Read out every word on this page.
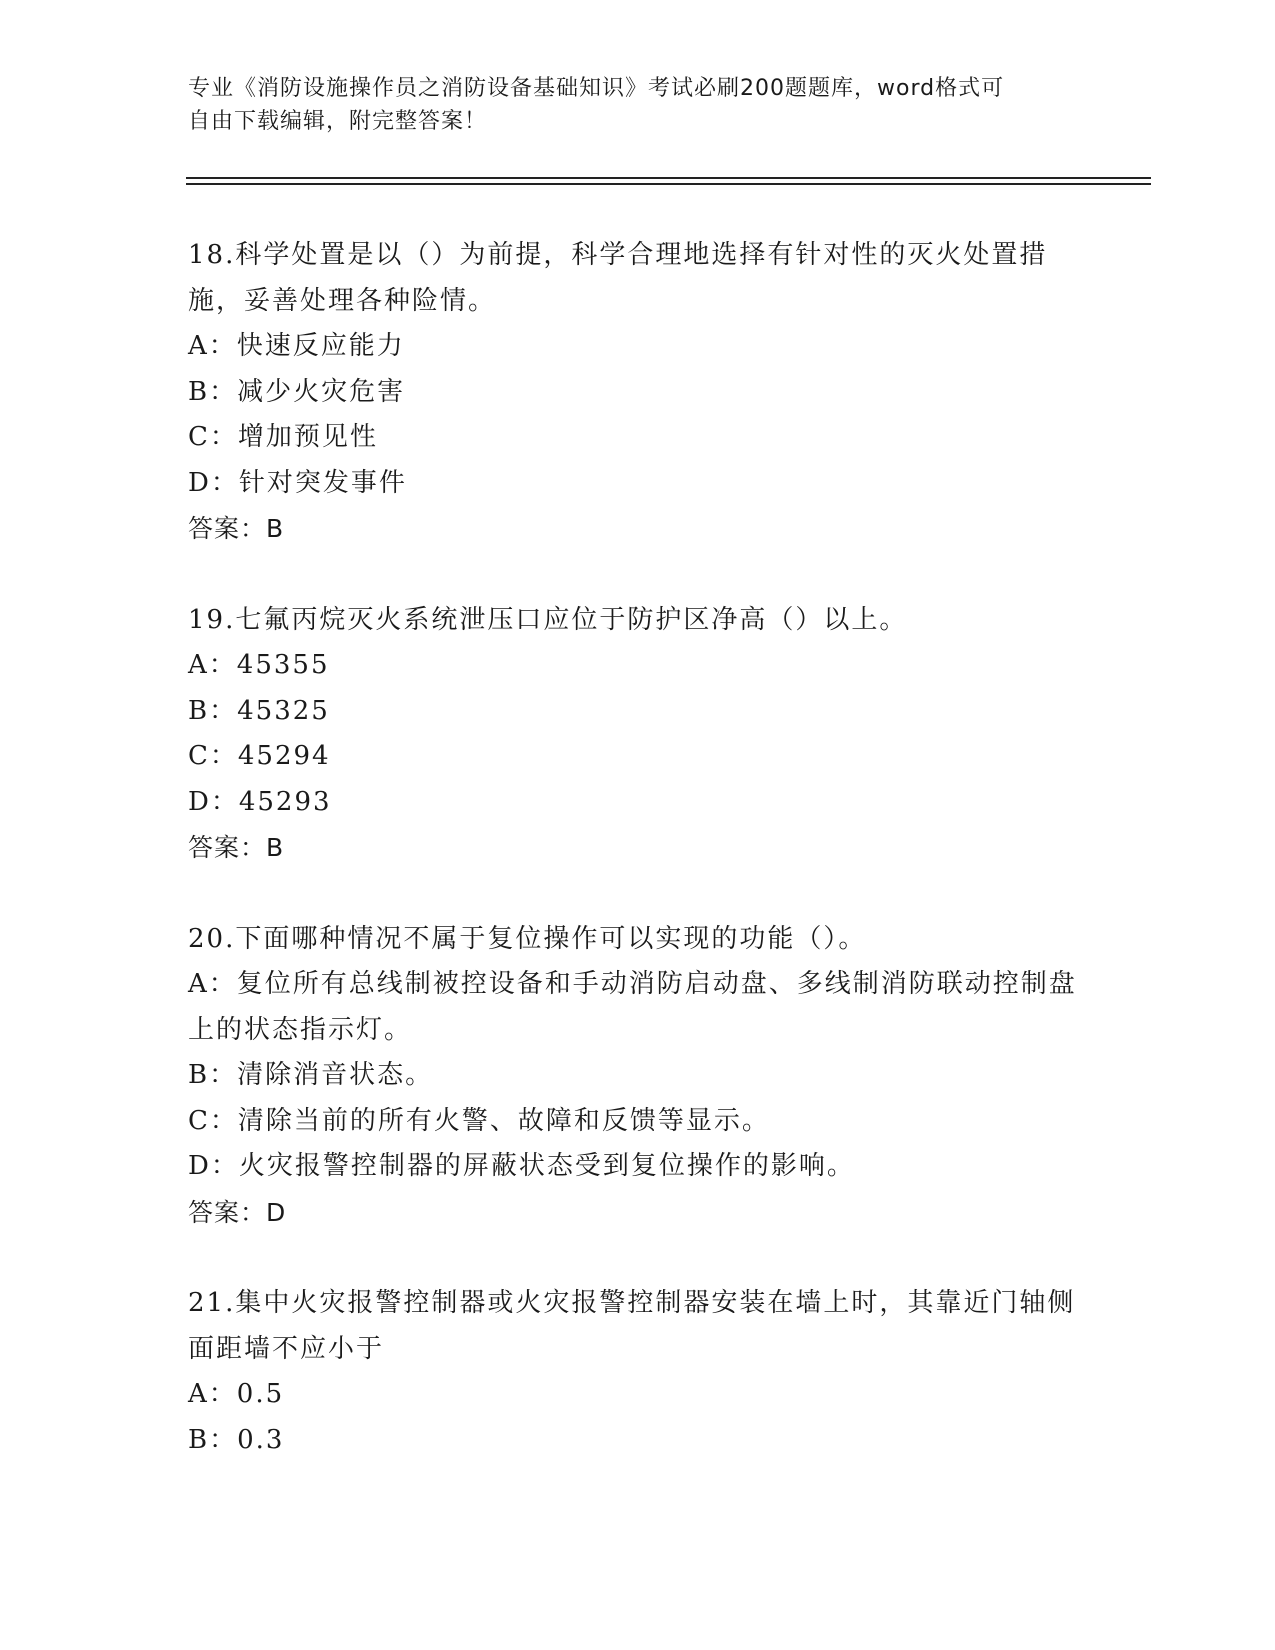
专业《消防设施操作员之消防设备基础知识》考试必刷200题题库，word格式可
自由下载编辑，附完整答案！
18.科学处置是以（）为前提，科学合理地选择有针对性的灭火处置措施，妥善处理各种险情。
A：快速反应能力
B：减少火灾危害
C：增加预见性
D：针对突发事件
答案：B
19.七氟丙烷灭火系统泄压口应位于防护区净高（）以上。
A：45355
B：45325
C：45294
D：45293
答案：B
20.下面哪种情况不属于复位操作可以实现的功能（）。
A：复位所有总线制被控设备和手动消防启动盘、多线制消防联动控制盘上的状态指示灯。
B：清除消音状态。
C：清除当前的所有火警、故障和反馈等显示。
D：火灾报警控制器的屏蔽状态受到复位操作的影响。
答案：D
21.集中火灾报警控制器或火灾报警控制器安装在墙上时，其靠近门轴侧面距墙不应小于
A：0.5
B：0.3
